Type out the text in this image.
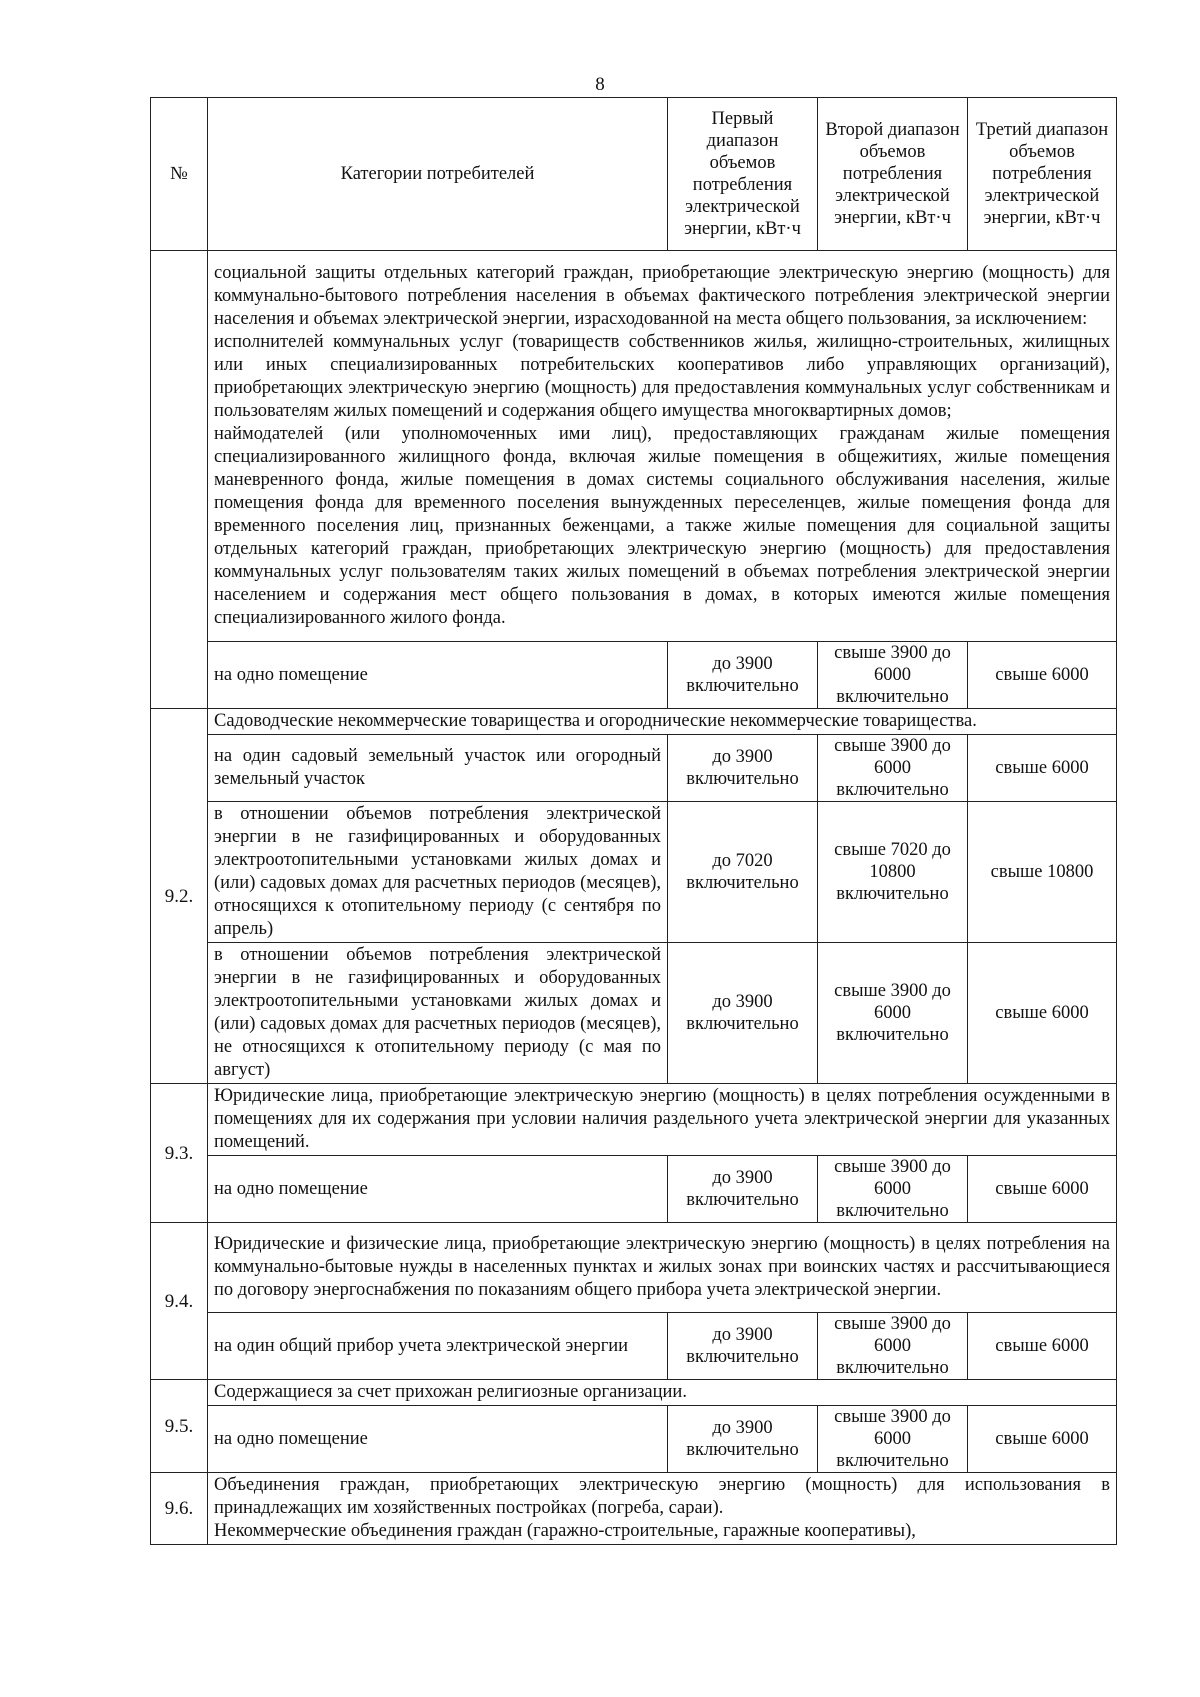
8
№	Категории потребителей	Первый диапазон объемов потребления электрической энергии, кВт·ч	Второй диапазон объемов потребления электрической энергии, кВт·ч	Третий диапазон объемов потребления электрической энергии, кВт·ч

	социальной защиты отдельных категорий граждан, приобретающие электрическую энергию (мощность) для коммунально-бытового потребления населения в объемах фактического потребления электрической энергии населения и объемах электрической энергии, израсходованной на места общего пользования, за исключением:

исполнителей коммунальных услуг (товариществ собственников жилья, жилищно-строительных, жилищных или иных специализированных потребительских кооперативов либо управляющих организаций), приобретающих электрическую энергию (мощность) для предоставления коммунальных услуг собственникам и пользователям жилых помещений и содержания общего имущества многоквартирных домов;

наймодателей (или уполномоченных ими лиц), предоставляющих гражданам жилые помещения специализированного жилищного фонда, включая жилые помещения в общежитиях, жилые помещения маневренного фонда, жилые помещения в домах системы социального обслуживания населения, жилые помещения фонда для временного поселения вынужденных переселенцев, жилые помещения фонда для временного поселения лиц, признанных беженцами, а также жилые помещения для социальной защиты отдельных категорий граждан, приобретающих электрическую энергию (мощность) для предоставления коммунальных услуг пользователям таких жилых помещений в объемах потребления электрической энергии населением и содержания мест общего пользования в домах, в которых имеются жилые помещения специализированного жилого фонда.			

	на одно помещение	до 3900 включительно	свыше 3900 до 6000 включительно	свыше 6000
9.2.	Садоводческие некоммерческие товарищества и огороднические некоммерческие товарищества.			
	на один садовый земельный участок или огородный земельный участок	до 3900 включительно	свыше 3900 до 6000 включительно	свыше 6000
	в отношении объемов потребления электрической энергии в не газифицированных и оборудованных электроотопительными установками жилых домах и (или) садовых домах для расчетных периодов (месяцев), относящихся к отопительному периоду (с сентября по апрель)	до 7020 включительно	свыше 7020 до 10800 включительно	свыше 10800
	в отношении объемов потребления электрической энергии в не газифицированных и оборудованных электроотопительными установками жилых домах и (или) садовых домах для расчетных периодов (месяцев), не относящихся к отопительному периоду (с мая по август)	до 3900 включительно	свыше 3900 до 6000 включительно	свыше 6000
9.3.	Юридические лица, приобретающие электрическую энергию (мощность) в целях потребления осужденными в помещениях для их содержания при условии наличия раздельного учета электрической энергии для указанных помещений.			

	на одно помещение	до 3900 включительно	свыше 3900 до 6000 включительно	свыше 6000
9.4.	Юридические и физические лица, приобретающие электрическую энергию (мощность) в целях потребления на коммунально-бытовые нужды в населенных пунктах и жилых зонах при воинских частях и рассчитывающиеся по договору энергоснабжения по показаниям общего прибора учета электрической энергии.			

	на один общий прибор учета электрической энергии	до 3900 включительно	свыше 3900 до 6000 включительно	свыше 6000
9.5.	Содержащиеся за счет прихожан религиозные организации.			
	на одно помещение	до 3900 включительно	свыше 3900 до 6000 включительно	свыше 6000
9.6.	Объединения граждан, приобретающих электрическую энергию (мощность) для использования в принадлежащих им хозяйственных постройках (погреба, сараи).

Некоммерческие объединения граждан (гаражно-строительные, гаражные кооперативы),			
